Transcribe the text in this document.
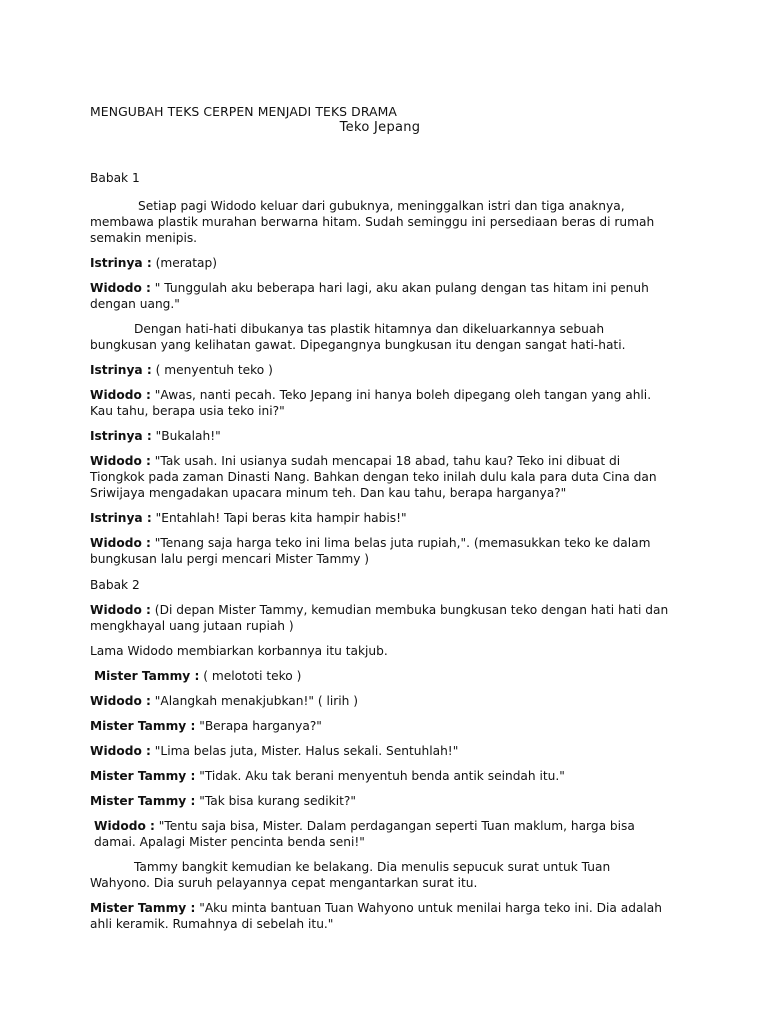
MENGUBAH TEKS CERPEN MENJADI TEKS DRAMA

Teko Jepang

Babak 1

Setiap pagi Widodo keluar dari gubuknya, meninggalkan istri dan tiga anaknya, membawa plastik murahan berwarna hitam. Sudah seminggu ini persediaan beras di rumah semakin menipis.

Istrinya : (meratap)

Widodo : " Tunggulah aku beberapa hari lagi, aku akan pulang dengan tas hitam ini penuh dengan uang."

Dengan hati-hati dibukanya tas plastik hitamnya dan dikeluarkannya sebuah bungkusan yang kelihatan gawat. Dipegangnya bungkusan itu dengan sangat hati-hati.

Istrinya : ( menyentuh teko )

Widodo : "Awas, nanti pecah. Teko Jepang ini hanya boleh dipegang oleh tangan yang ahli. Kau tahu, berapa usia teko ini?"

Istrinya : "Bukalah!"

Widodo : "Tak usah. Ini usianya sudah mencapai 18 abad, tahu kau? Teko ini dibuat di Tiongkok pada zaman Dinasti Nang. Bahkan dengan teko inilah dulu kala para duta Cina dan Sriwijaya mengadakan upacara minum teh. Dan kau tahu, berapa harganya?"

Istrinya : "Entahlah! Tapi beras kita hampir habis!"

Widodo : "Tenang saja harga teko ini lima belas juta rupiah,". (memasukkan teko ke dalam bungkusan lalu pergi mencari Mister Tammy )

Babak 2

Widodo : (Di depan Mister Tammy, kemudian membuka bungkusan teko dengan hati hati dan mengkhayal uang jutaan rupiah )

Lama Widodo membiarkan korbannya itu takjub.

Mister Tammy : ( melototi teko )

Widodo : "Alangkah menakjubkan!" ( lirih )

Mister Tammy : "Berapa harganya?"

Widodo : "Lima belas juta, Mister. Halus sekali. Sentuhlah!"

Mister Tammy : "Tidak. Aku tak berani menyentuh benda antik seindah itu."

Mister Tammy : "Tak bisa kurang sedikit?"

Widodo : "Tentu saja bisa, Mister. Dalam perdagangan seperti Tuan maklum, harga bisa damai. Apalagi Mister pencinta benda seni!"

Tammy bangkit kemudian ke belakang. Dia menulis sepucuk surat untuk Tuan Wahyono. Dia suruh pelayannya cepat mengantarkan surat itu.

Mister Tammy : "Aku minta bantuan Tuan Wahyono untuk menilai harga teko ini. Dia adalah ahli keramik. Rumahnya di sebelah itu."
